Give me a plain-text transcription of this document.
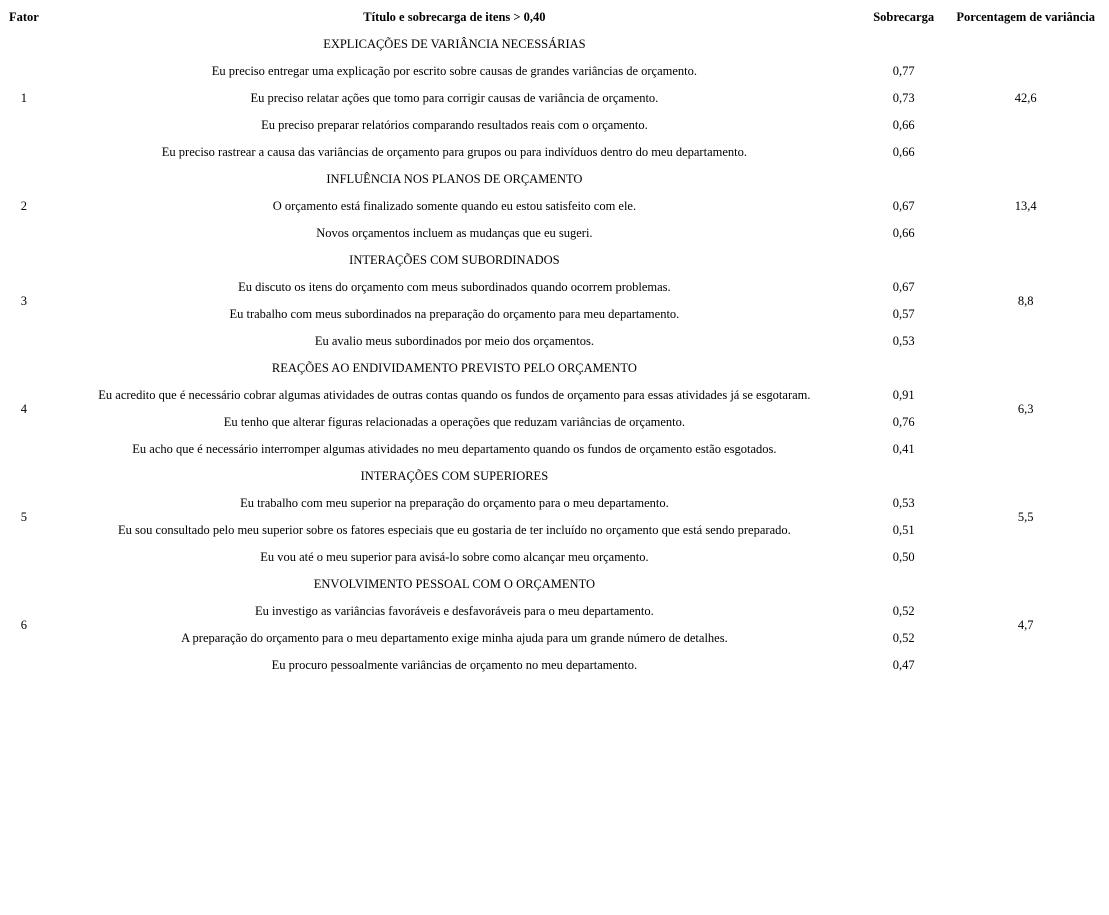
Fator	Título e sobrecarga de itens > 0,40	Sobrecarga	Porcentagem de variância
1	EXPLICAÇÕES DE VARIÂNCIA NECESSÁRIAS		42,6
	Eu preciso entregar uma explicação por escrito sobre causas de grandes variâncias de orçamento.	0,77	
	Eu preciso relatar ações que tomo para corrigir causas de variância de orçamento.	0,73	
	Eu preciso preparar relatórios comparando resultados reais com o orçamento.	0,66	
	Eu preciso rastrear a causa das variâncias de orçamento para grupos ou para indivíduos dentro do meu departamento.	0,66	
2	INFLUÊNCIA NOS PLANOS DE ORÇAMENTO		13,4
	O orçamento está finalizado somente quando eu estou satisfeito com ele.	0,67	
	Novos orçamentos incluem as mudanças que eu sugeri.	0,66	
3	INTERAÇÕES COM SUBORDINADOS		8,8
	Eu discuto os itens do orçamento com meus subordinados quando ocorrem problemas.	0,67	
	Eu trabalho com meus subordinados na preparação do orçamento para meu departamento.	0,57	
	Eu avalio meus subordinados por meio dos orçamentos.	0,53	
4	REAÇÕES AO ENDIVIDAMENTO PREVISTO PELO ORÇAMENTO		6,3
	Eu acredito que é necessário cobrar algumas atividades de outras contas quando os fundos de orçamento para essas atividades já se esgotaram.	0,91	
	Eu tenho que alterar figuras relacionadas a operações que reduzam variâncias de orçamento.	0,76	
	Eu acho que é necessário interromper algumas atividades no meu departamento quando os fundos de orçamento estão esgotados.	0,41	
5	INTERAÇÕES COM SUPERIORES		5,5
	Eu trabalho com meu superior na preparação do orçamento para o meu departamento.	0,53	
	Eu sou consultado pelo meu superior sobre os fatores especiais que eu gostaria de ter incluído no orçamento que está sendo preparado.	0,51	
	Eu vou até o meu superior para avisá-lo sobre como alcançar meu orçamento.	0,50	
6	ENVOLVIMENTO PESSOAL COM O ORÇAMENTO		4,7
	Eu investigo as variâncias favoráveis e desfavoráveis para o meu departamento.	0,52	
	A preparação do orçamento para o meu departamento exige minha ajuda para um grande número de detalhes.	0,52	
	Eu procuro pessoalmente variâncias de orçamento no meu departamento.	0,47	
